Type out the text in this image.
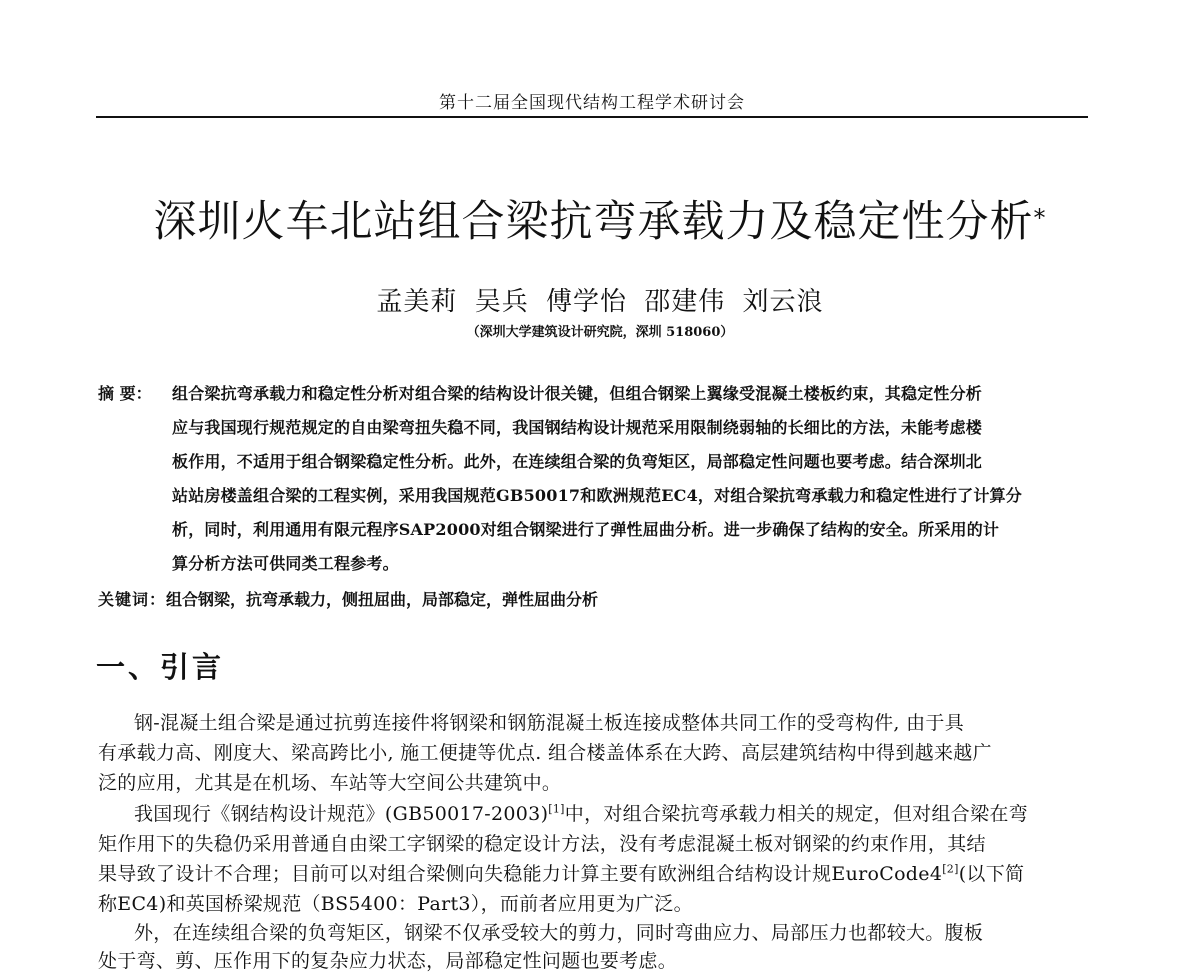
第十二届全国现代结构工程学术研讨会
深圳火车北站组合梁抗弯承载力及稳定性分析*
孟美莉 吴兵 傅学怡 邵建伟 刘云浪
（深圳大学建筑设计研究院，深圳 518060）
摘 要： 组合梁抗弯承载力和稳定性分析对组合梁的结构设计很关键，但组合钢梁上翼缘受混凝土楼板约束，其稳定性分析
应与我国现行规范规定的自由梁弯扭失稳不同，我国钢结构设计规范采用限制绕弱轴的长细比的方法，未能考虑楼
板作用，不适用于组合钢梁稳定性分析。此外，在连续组合梁的负弯矩区，局部稳定性问题也要考虑。结合深圳北
站站房楼盖组合梁的工程实例，采用我国规范GB50017和欧洲规范EC4，对组合梁抗弯承载力和稳定性进行了计算分
析，同时，利用通用有限元程序SAP2000对组合钢梁进行了弹性屈曲分析。进一步确保了结构的安全。所采用的计
算分析方法可供同类工程参考。
关键词：组合钢梁，抗弯承载力，侧扭屈曲，局部稳定，弹性屈曲分析
一、引言
钢-混凝土组合梁是通过抗剪连接件将钢梁和钢筋混凝土板连接成整体共同工作的受弯构件, 由于具
有承载力高、刚度大、梁高跨比小, 施工便捷等优点. 组合楼盖体系在大跨、高层建筑结构中得到越来越广
泛的应用，尤其是在机场、车站等大空间公共建筑中。
我国现行《钢结构设计规范》(GB50017-2003)[1]中，对组合梁抗弯承载力相关的规定，但对组合梁在弯
矩作用下的失稳仍采用普通自由梁工字钢梁的稳定设计方法，没有考虑混凝土板对钢梁的约束作用，其结
果导致了设计不合理；目前可以对组合梁侧向失稳能力计算主要有欧洲组合结构设计规EuroCode4[2](以下简
称EC4)和英国桥梁规范（BS5400：Part3），而前者应用更为广泛。
外，在连续组合梁的负弯矩区，钢梁不仅承受较大的剪力，同时弯曲应力、局部压力也都较大。腹板
处于弯、剪、压作用下的复杂应力状态，局部稳定性问题也要考虑。
